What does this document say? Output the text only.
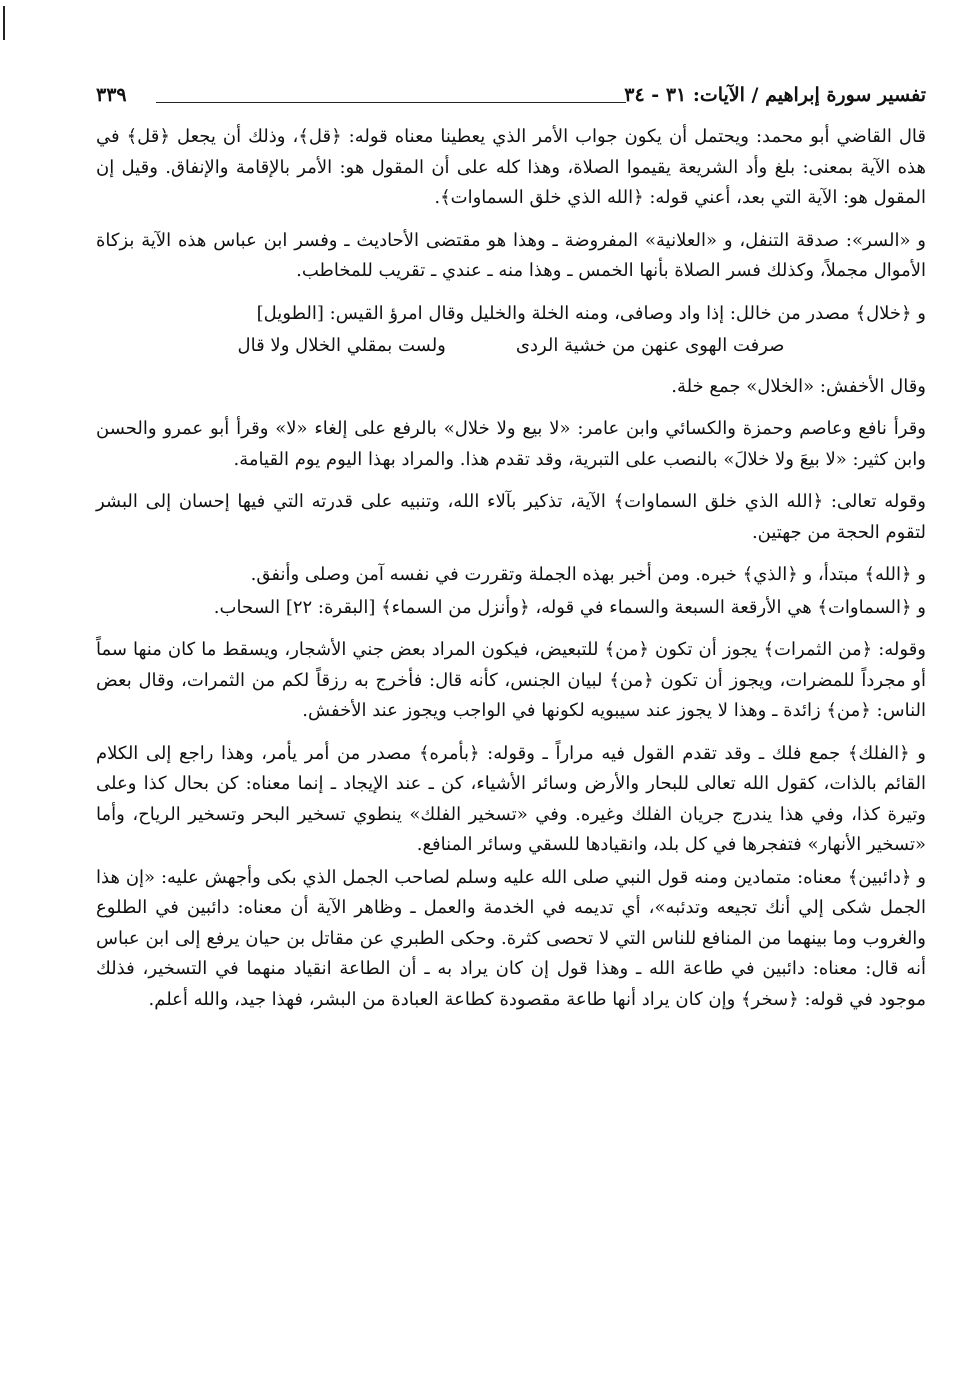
تفسير سورة إبراهيم / الآيات: ٣١ - ٣٤
٣٣٩

قال القاضي أبو محمد: ويحتمل أن يكون جواب الأمر الذي يعطينا معناه قوله: ﴿قل﴾، وذلك أن يجعل ﴿قل﴾ في هذه الآية بمعنى: بلغ وأد الشريعة يقيموا الصلاة، وهذا كله على أن المقول هو: الأمر بالإقامة والإنفاق. وقيل إن المقول هو: الآية التي بعد، أعني قوله: ﴿الله الذي خلق السماوات﴾.

و «السر»: صدقة التنفل، و «العلانية» المفروضة ـ وهذا هو مقتضى الأحاديث ـ وفسر ابن عباس هذه الآية بزكاة الأموال مجملاً، وكذلك فسر الصلاة بأنها الخمس ـ وهذا منه ـ عندي ـ تقريب للمخاطب.

و ﴿خلال﴾ مصدر من خالل: إذا واد وصافى، ومنه الخلة والخليل وقال امرؤ القيس: [الطويل]

صرفت الهوى عنهن من خشية الردى
ولست بمقلي الخلال ولا قال

وقال الأخفش: «الخلال» جمع خلة.

وقرأ نافع وعاصم وحمزة والكسائي وابن عامر: «لا بيع ولا خلال» بالرفع على إلغاء «لا» وقرأ أبو عمرو والحسن وابن كثير: «لا بيعَ ولا خلالَ» بالنصب على التبرية، وقد تقدم هذا. والمراد بهذا اليوم يوم القيامة.

وقوله تعالى: ﴿الله الذي خلق السماوات﴾ الآية، تذكير بآلاء الله، وتنبيه على قدرته التي فيها إحسان إلى البشر لتقوم الحجة من جهتين.

و ﴿الله﴾ مبتدأ، و ﴿الذي﴾ خبره. ومن أخبر بهذه الجملة وتقررت في نفسه آمن وصلى وأنفق.

و ﴿السماوات﴾ هي الأرقعة السبعة والسماء في قوله، ﴿وأنزل من السماء﴾ [البقرة: ٢٢] السحاب.

وقوله: ﴿من الثمرات﴾ يجوز أن تكون ﴿من﴾ للتبعيض، فيكون المراد بعض جني الأشجار، ويسقط ما كان منها سماً أو مجرداً للمضرات، ويجوز أن تكون ﴿من﴾ لبيان الجنس، كأنه قال: فأخرج به رزقاً لكم من الثمرات، وقال بعض الناس: ﴿من﴾ زائدة ـ وهذا لا يجوز عند سيبويه لكونها في الواجب ويجوز عند الأخفش.

و ﴿الفلك﴾ جمع فلك ـ وقد تقدم القول فيه مراراً ـ وقوله: ﴿بأمره﴾ مصدر من أمر يأمر، وهذا راجع إلى الكلام القائم بالذات، كقول الله تعالى للبحار والأرض وسائر الأشياء، كن ـ عند الإيجاد ـ إنما معناه: كن بحال كذا وعلى وتيرة كذا، وفي هذا يندرج جريان الفلك وغيره. وفي «تسخير الفلك» ينطوي تسخير البحر وتسخير الرياح، وأما «تسخير الأنهار» فتفجرها في كل بلد، وانقيادها للسقي وسائر المنافع.

و ﴿دائبين﴾ معناه: متمادين ومنه قول النبي صلى الله عليه وسلم لصاحب الجمل الذي بكى وأجهش عليه: «إن هذا الجمل شكى إلي أنك تجيعه وتدئبه»، أي تديمه في الخدمة والعمل ـ وظاهر الآية أن معناه: دائبين في الطلوع والغروب وما بينهما من المنافع للناس التي لا تحصى كثرة. وحكى الطبري عن مقاتل بن حيان يرفع إلى ابن عباس أنه قال: معناه: دائبين في طاعة الله ـ وهذا قول إن كان يراد به ـ أن الطاعة انقياد منهما في التسخير، فذلك موجود في قوله: ﴿سخر﴾ وإن كان يراد أنها طاعة مقصودة كطاعة العبادة من البشر، فهذا جيد، والله أعلم.
